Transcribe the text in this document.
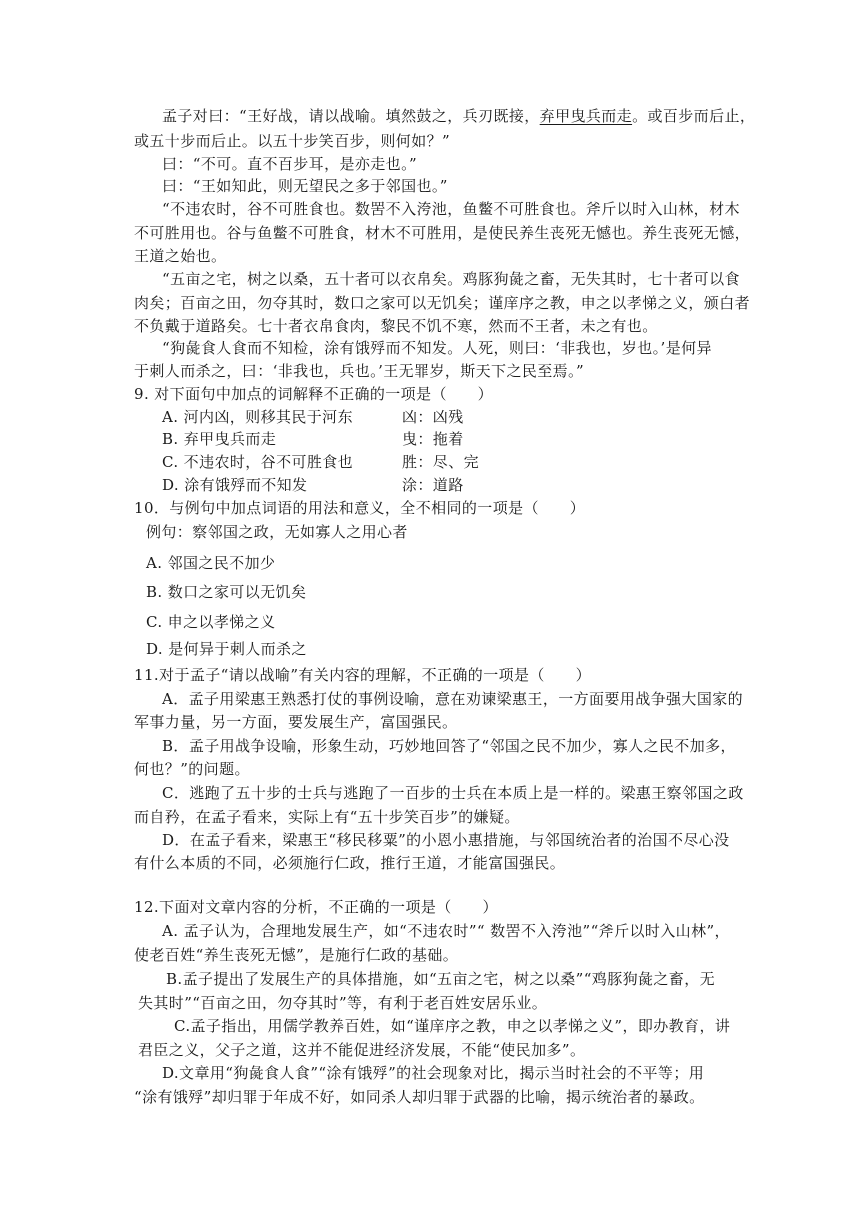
孟子对曰：“王好战，请以战喻。填然鼓之，兵刃既接，弃甲曳兵而走。或百步而后止，
或五十步而后止。以五十步笑百步，则何如？”
曰：“不可。直不百步耳，是亦走也。”
曰：“王如知此，则无望民之多于邻国也。”
“不违农时，谷不可胜食也。数罟不入洿池，鱼鳖不可胜食也。斧斤以时入山林，材木
不可胜用也。谷与鱼鳖不可胜食，材木不可胜用，是使民养生丧死无憾也。养生丧死无憾，
王道之始也。
“五亩之宅，树之以桑，五十者可以衣帛矣。鸡豚狗彘之畜，无失其时，七十者可以食
肉矣；百亩之田，勿夺其时，数口之家可以无饥矣；谨庠序之教，申之以孝悌之义，颁白者
不负戴于道路矣。七十者衣帛食肉，黎民不饥不寒，然而不王者，未之有也。
“狗彘食人食而不知检，涂有饿殍而不知发。人死，则曰：‘非我也，岁也。’是何异
于刺人而杀之，曰：‘非我也，兵也。’王无罪岁，斯天下之民至焉。”
9. 对下面句中加点的词解释不正确的一项是（　　）
A. 河内凶，则移其民于河东	凶：凶残
B. 弃甲曳兵而走	曳：拖着
C. 不违农时，谷不可胜食也	胜：尽、完
D. 涂有饿殍而不知发	涂：道路
10．与例句中加点词语的用法和意义，全不相同的一项是（　　）
例句：察邻国之政，无如寡人之用心者
A. 邻国之民不加少
B. 数口之家可以无饥矣
C. 申之以孝悌之义
D. 是何异于刺人而杀之
11.对于孟子“请以战喻”有关内容的理解，不正确的一项是（　　）
A．孟子用梁惠王熟悉打仗的事例设喻，意在劝谏梁惠王，一方面要用战争强大国家的
军事力量，另一方面，要发展生产，富国强民。
B．孟子用战争设喻，形象生动，巧妙地回答了“邻国之民不加少，寡人之民不加多，
何也？”的问题。
C．逃跑了五十步的士兵与逃跑了一百步的士兵在本质上是一样的。梁惠王察邻国之政
而自矜，在孟子看来，实际上有“五十步笑百步”的嫌疑。
D．在孟子看来，梁惠王“移民移粟”的小恩小惠措施，与邻国统治者的治国不尽心没
有什么本质的不同，必须施行仁政，推行王道，才能富国强民。
12.下面对文章内容的分析，不正确的一项是（　　）
A. 孟子认为，合理地发展生产，如“不违农时”“ 数罟不入洿池”“斧斤以时入山林”，
使老百姓“养生丧死无憾”，是施行仁政的基础。
B.孟子提出了发展生产的具体措施，如“五亩之宅，树之以桑”“鸡豚狗彘之畜，无
失其时”“百亩之田，勿夺其时”等，有利于老百姓安居乐业。
C.孟子指出，用儒学教养百姓，如“谨庠序之教，申之以孝悌之义”，即办教育，讲
君臣之义，父子之道，这并不能促进经济发展，不能“使民加多”。
D.文章用“狗彘食人食”“涂有饿殍”的社会现象对比，揭示当时社会的不平等；用
“涂有饿殍”却归罪于年成不好，如同杀人却归罪于武器的比喻，揭示统治者的暴政。
